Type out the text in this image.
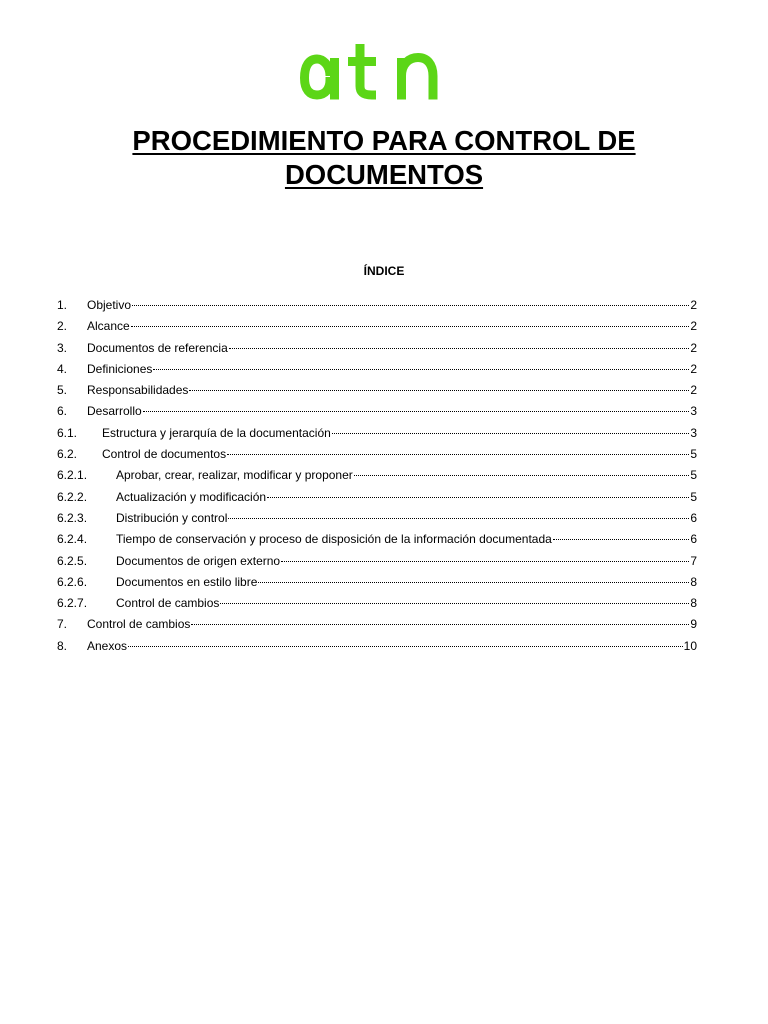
PROCEDIMIENTO PARA CONTROL DE
DOCUMENTOS
ÍNDICE
1.	Objetivo	2
2.	Alcance	2
3.	Documentos de referencia	2
4.	Definiciones	2
5.	Responsabilidades	2
6.	Desarrollo	3
6.1.	Estructura y jerarquía de la documentación	3
6.2.	Control de documentos	5
6.2.1.	Aprobar, crear, realizar, modificar y proponer	5
6.2.2.	Actualización y modificación	5
6.2.3.	Distribución y control	6
6.2.4.	Tiempo de conservación y proceso de disposición de la información documentada	6
6.2.5.	Documentos de origen externo	7
6.2.6.	Documentos en estilo libre	8
6.2.7.	Control de cambios	8
7.	Control de cambios	9
8.	Anexos	10
